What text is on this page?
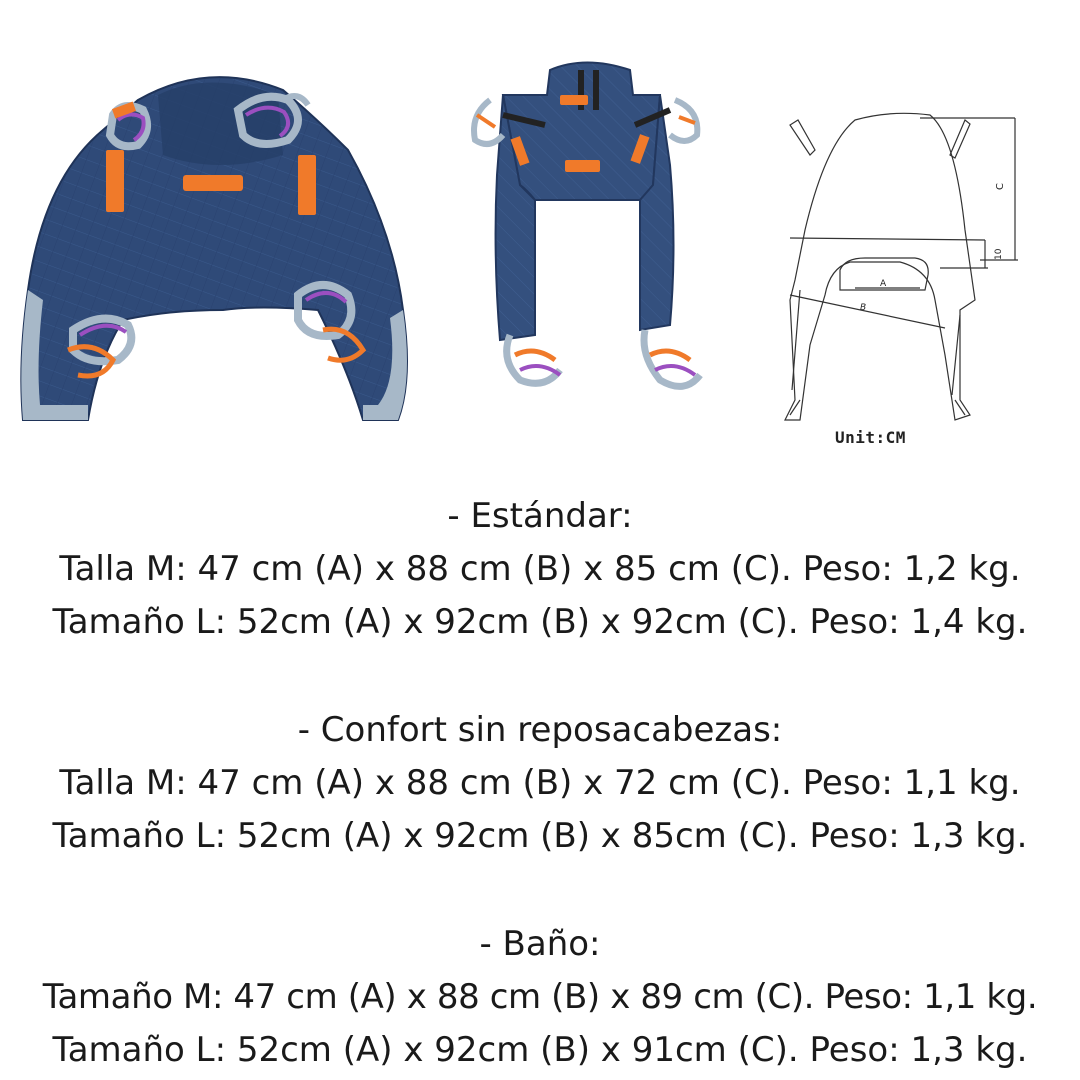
A
B
C
10
Unit:CM
- Estándar:
Talla M: 47 cm (A) x 88 cm (B) x 85 cm (C). Peso: 1,2 kg.
Tamaño L: 52cm (A) x 92cm (B) x 92cm (C). Peso: 1,4 kg.
- Confort sin reposacabezas:
Talla M: 47 cm (A) x 88 cm (B) x 72 cm (C). Peso: 1,1 kg.
Tamaño L: 52cm (A) x 92cm (B) x 85cm (C). Peso: 1,3 kg.
- Baño:
Tamaño M: 47 cm (A) x 88 cm (B) x 89 cm (C). Peso: 1,1 kg.
Tamaño L: 52cm (A) x 92cm (B) x 91cm (C). Peso: 1,3 kg.
